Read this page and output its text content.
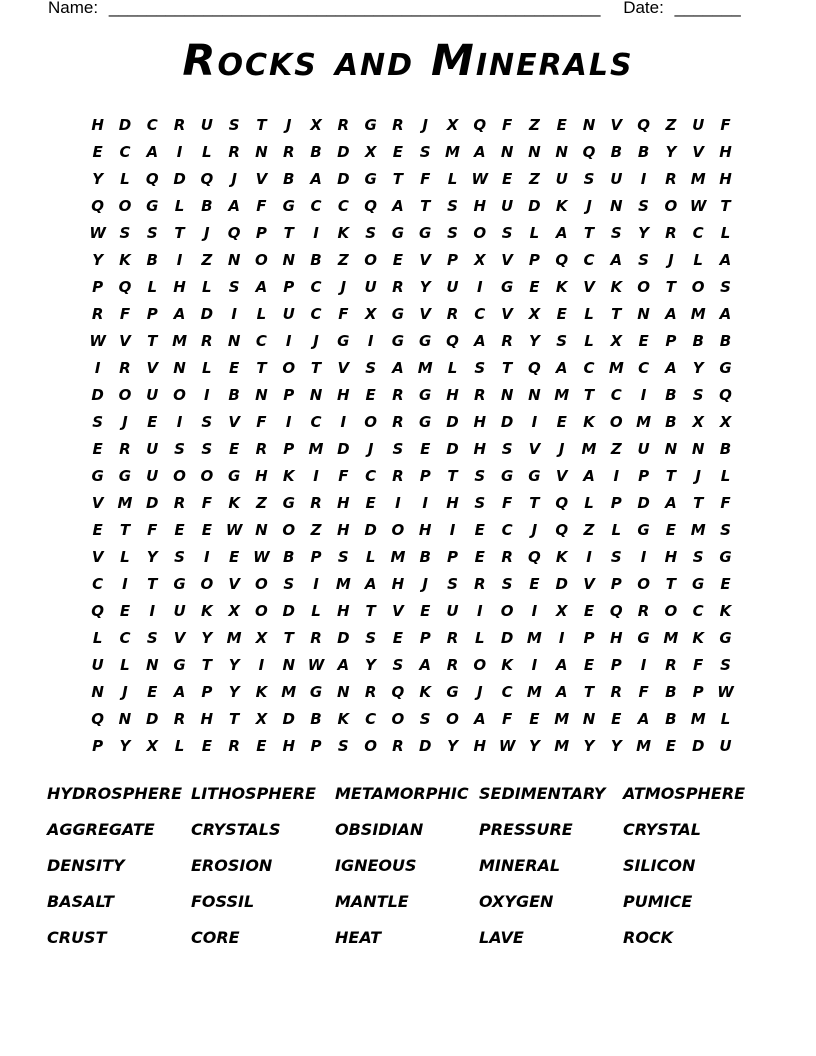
Name: ____________________________________________________ Date: _______
Rocks and Minerals
H D	C	R	U	S	T	J	X	R	G	R	J	X	Q	F	Z	E	N	V	Q	Z	U	F
E	C	A	I	L	R	N	R	B	D	X	E	S M A	N N N Q	B	B	Y	V	H
Y	L	Q D Q	J	V	B	A	D G	T	F	L W E	Z	U	S	U	I	R M H
Q O G	L	B	A	F	G	C	C	Q	A	T	S	H U D	K	J	N	S	O W T
W S	S	T	J	Q	P	T	I	K	S	G G	S	O	S	L	A	T	S	Y	R	C	L
Y	K	B	I	Z	N O N	B	Z	O	E	V	P	X	V	P	Q	C	A	S	J	L	A
P	Q	L	H	L	S	A	P	C	J	U	R	Y	U	I	G	E	K	V	K	O	T	O	S
R	F	P	A	D	I	L	U	C	F	X	G	V	R	C	V	X	E	L	T	N	A M A
W V	T M R	N	C	I	J	G	I	G G Q	A	R	Y	S	L	X	E	P	B	B
I	R	V	N	L	E	T	O	T	V	S	A M	L	S	T	Q	A	C M C	A	Y	G
D O U O	I	B	N	P	N H	E	R	G H	R	N N M T	C	I	B	S	Q
S	J	E	I	S	V	F	I	C	I	O	R	G D H D	I	E	K	O M B	X	X
E	R	U	S	S	E	R	P M D	J	S	E	D H	S	V	J	M Z	U N N	B
G G	U O O G H	K	I	F	C	R	P	T	S	G G	V	A	I	P	T	J	L
V M D	R	F	K	Z	G	R	H	E	I	I	H	S	F	T	Q	L	P	D	A	T	F
E	T	F	E	E W N O	Z	H D O H	I	E	C	J	Q	Z	L	G	E M S
V	L	Y	S	I	E W B	P	S	L	M B	P	E	R	Q	K	I	S	I	H	S	G
C	I	T	G O	V	O	S	I	M A	H	J	S	R	S	E	D	V	P	O	T	G	E
Q	E	I	U	K	X	O D	L	H	T	V	E	U	I	O	I	X	E	Q	R	O	C	K
L	C	S	V	Y M X	T	R	D	S	E	P	R	L	D M	I	P	H G M K	G
U	L	N G	T	Y	I	N W A	Y	S	A	R	O	K	I	A	E	P	I	R	F	S
N	J	E	A	P	Y	K M G N	R	Q	K	G	J	C M A	T	R	F	B	P W
Q N D	R	H	T	X	D	B	K	C	O	S	O	A	F	E M N	E	A	B M	L
P	Y	X	L	E	R	E	H	P	S	O	R	D	Y	H W Y M Y	Y M E	D U
HYDROSPHERE LITHOSPHERE	METAMORPHIC SEDIMENTARY	ATMOSPHERE
AGGREGATE	CRYSTALS	OBSIDIAN	PRESSURE	CRYSTAL
DENSITY	EROSION	IGNEOUS	MINERAL	SILICON
BASALT	FOSSIL	MANTLE	OXYGEN	PUMICE
CRUST	CORE	HEAT	LAVE	ROCK
